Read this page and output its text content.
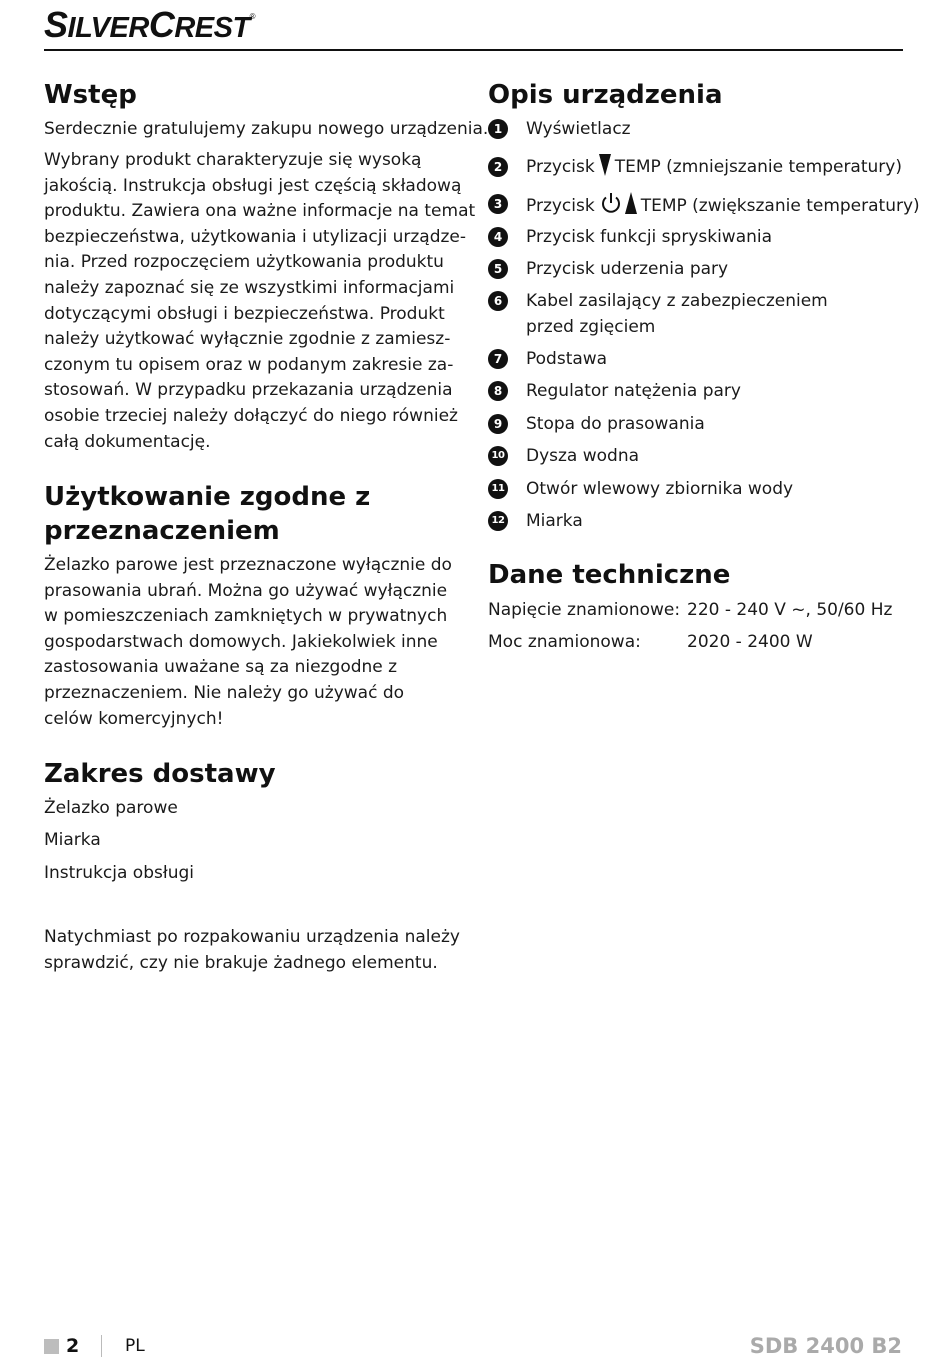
SILVERCREST®
Wstęp
Serdecznie gratulujemy zakupu nowego urządzenia.
Wybrany produkt charakteryzuje się wysoką
jakością. Instrukcja obsługi jest częścią składową
produktu. Zawiera ona ważne informacje na temat
bezpieczeństwa, użytkowania i utylizacji urządze-
nia. Przed rozpoczęciem użytkowania produktu
należy zapoznać się ze wszystkimi informacjami
dotyczącymi obsługi i bezpieczeństwa. Produkt
należy użytkować wyłącznie zgodnie z zamiesz-
czonym tu opisem oraz w podanym zakresie za-
stosowań. W przypadku przekazania urządzenia
osobie trzeciej należy dołączyć do niego również
całą dokumentację.
Użytkowanie zgodne z
przeznaczeniem
Żelazko parowe jest przeznaczone wyłącznie do
prasowania ubrań. Można go używać wyłącznie
w pomieszczeniach zamkniętych w prywatnych
gospodarstwach domowych. Jakiekolwiek inne
zastosowania uważane są za niezgodne z
przeznaczeniem. Nie należy go używać do
celów komercyjnych!
Zakres dostawy
Żelazko parowe
Miarka
Instrukcja obsługi
Natychmiast po rozpakowaniu urządzenia należy
sprawdzić, czy nie brakuje żadnego elementu.
Opis urządzenia
1	Wyświetlacz
2	Przycisk TEMP (zmniejszanie temperatury)
3	Przycisk	TEMP (zwiększanie temperatury)
4	Przycisk funkcji spryskiwania
5	Przycisk uderzenia pary
6	Kabel zasilający z zabezpieczeniem
przed zgięciem
7	Podstawa
8	Regulator natężenia pary
9	Stopa do prasowania
10 Dysza wodna
11 Otwór wlewowy zbiornika wody
12 Miarka
Dane techniczne
Napięcie znamionowe: 220 - 240 V ~, 50/60 Hz
Moc znamionowa:	2020 - 2400 W
2	PL	SDB 2400 B2
